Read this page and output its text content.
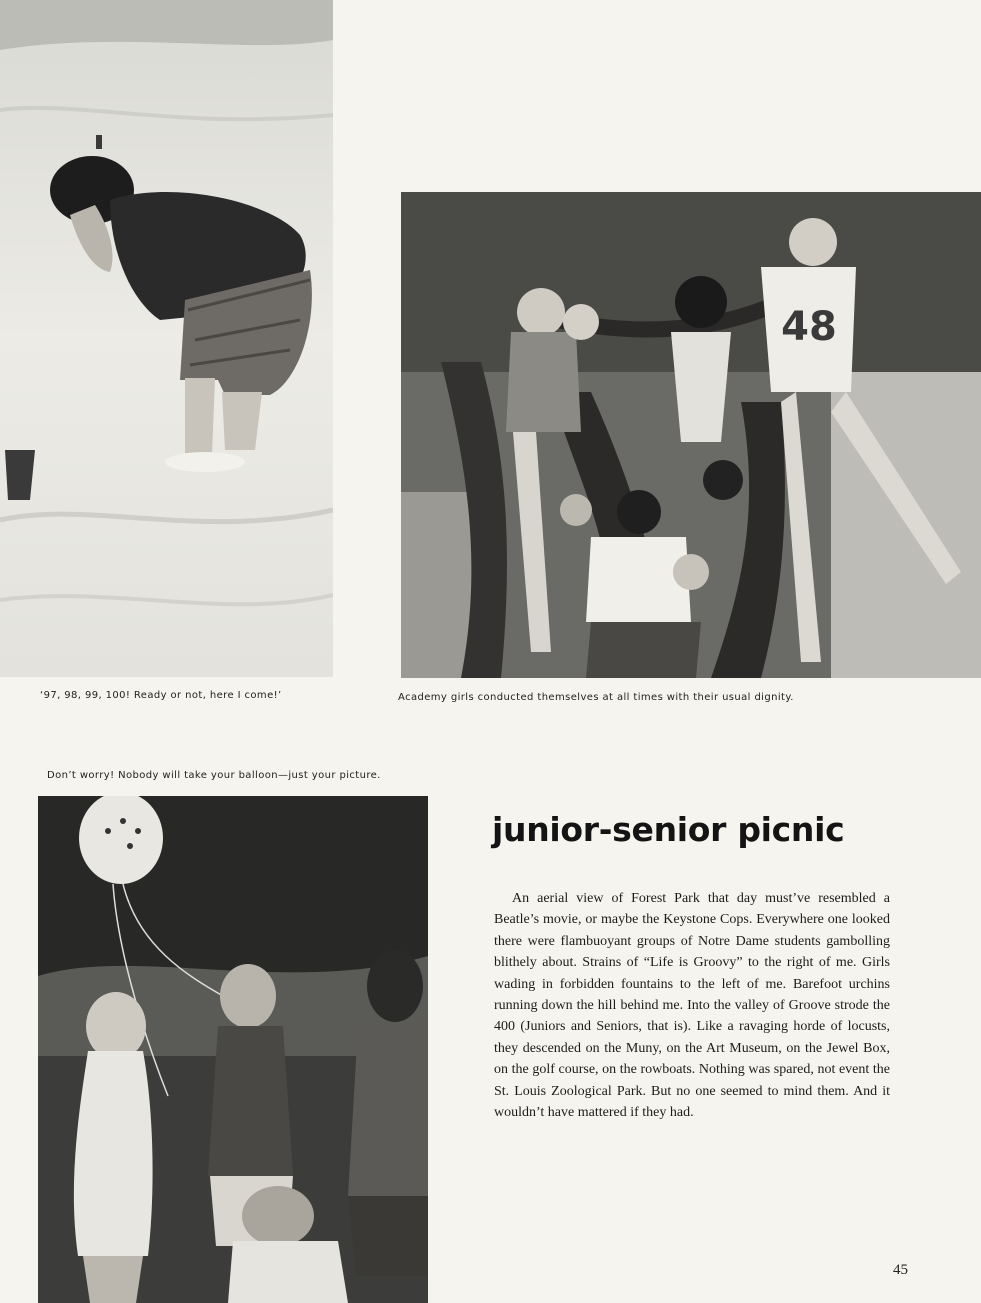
48
‘97, 98, 99, 100! Ready or not, here I come!’	Academy girls conducted themselves at all times with their usual dignity.
Don’t worry! Nobody will take your balloon—just your picture.
junior-senior picnic

An aerial view of Forest Park that day must’ve resembled a Beatle’s movie, or maybe the Keystone Cops. Everywhere one looked there were flambuoyant groups of Notre Dame students gambolling blithely about. Strains of “Life is Groovy” to the right of me. Girls wading in forbidden fountains to the left of me. Barefoot urchins running down the hill behind me. Into the valley of Groove strode the 400 (Juniors and Seniors, that is). Like a ravaging horde of locusts, they descended on the Muny, on the Art Museum, on the Jewel Box, on the golf course, on the rowboats. Nothing was spared, not event the St. Louis Zoological Park. But no one seemed to mind them. And it wouldn’t have mattered if they had.

45
